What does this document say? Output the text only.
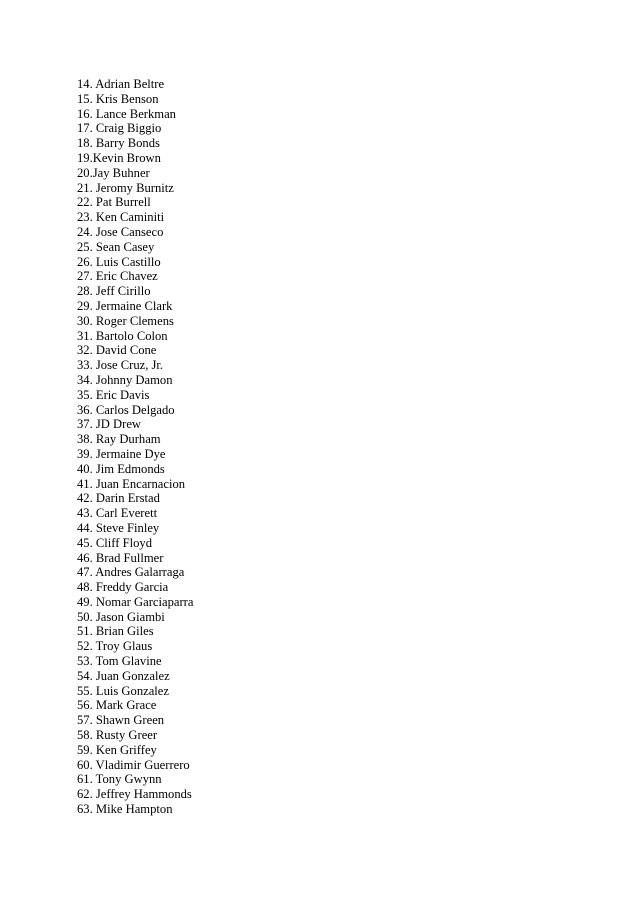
14. Adrian Beltre
15. Kris Benson
16. Lance Berkman
17. Craig Biggio
18. Barry Bonds
19.Kevin Brown
20.Jay Buhner
21. Jeromy Burnitz
22. Pat Burrell
23. Ken Caminiti
24. Jose Canseco
25. Sean Casey
26. Luis Castillo
27. Eric Chavez
28. Jeff Cirillo
29. Jermaine Clark
30. Roger Clemens
31. Bartolo Colon
32. David Cone
33. Jose Cruz, Jr.
34. Johnny Damon
35. Eric Davis
36. Carlos Delgado
37. JD Drew
38. Ray Durham
39. Jermaine Dye
40. Jim Edmonds
41. Juan Encarnacion
42. Darin Erstad
43. Carl Everett
44. Steve Finley
45. Cliff Floyd
46. Brad Fullmer
47. Andres Galarraga
48. Freddy Garcia
49. Nomar Garciaparra
50. Jason Giambi
51. Brian Giles
52. Troy Glaus
53. Tom Glavine
54. Juan Gonzalez
55. Luis Gonzalez
56. Mark Grace
57. Shawn Green
58. Rusty Greer
59. Ken Griffey
60. Vladimir Guerrero
61. Tony Gwynn
62. Jeffrey Hammonds
63. Mike Hampton
